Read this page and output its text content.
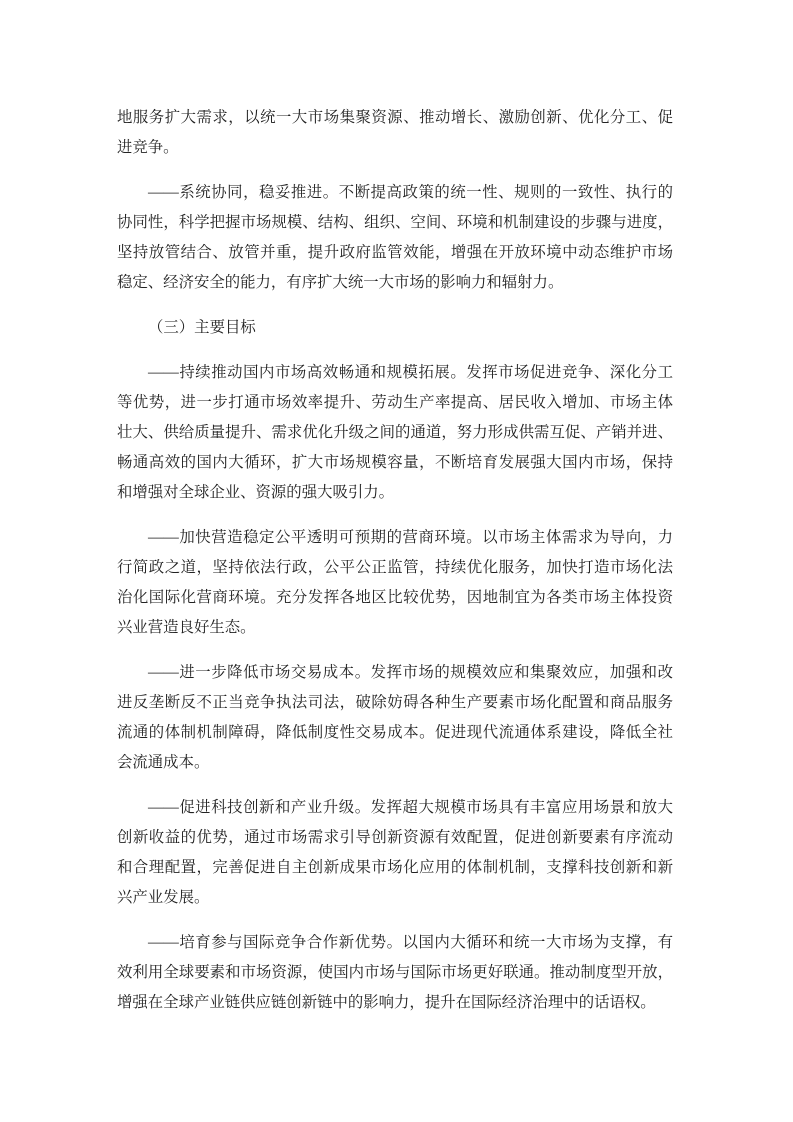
地服务扩大需求，以统一大市场集聚资源、推动增长、激励创新、优化分工、促
进竞争。
——系统协同，稳妥推进。不断提高政策的统一性、规则的一致性、执行的
协同性，科学把握市场规模、结构、组织、空间、环境和机制建设的步骤与进度，
坚持放管结合、放管并重，提升政府监管效能，增强在开放环境中动态维护市场
稳定、经济安全的能力，有序扩大统一大市场的影响力和辐射力。
（三）主要目标
——持续推动国内市场高效畅通和规模拓展。发挥市场促进竞争、深化分工
等优势，进一步打通市场效率提升、劳动生产率提高、居民收入增加、市场主体
壮大、供给质量提升、需求优化升级之间的通道，努力形成供需互促、产销并进、
畅通高效的国内大循环，扩大市场规模容量，不断培育发展强大国内市场，保持
和增强对全球企业、资源的强大吸引力。
——加快营造稳定公平透明可预期的营商环境。以市场主体需求为导向，力
行简政之道，坚持依法行政，公平公正监管，持续优化服务，加快打造市场化法
治化国际化营商环境。充分发挥各地区比较优势，因地制宜为各类市场主体投资
兴业营造良好生态。
——进一步降低市场交易成本。发挥市场的规模效应和集聚效应，加强和改
进反垄断反不正当竞争执法司法，破除妨碍各种生产要素市场化配置和商品服务
流通的体制机制障碍，降低制度性交易成本。促进现代流通体系建设，降低全社
会流通成本。
——促进科技创新和产业升级。发挥超大规模市场具有丰富应用场景和放大
创新收益的优势，通过市场需求引导创新资源有效配置，促进创新要素有序流动
和合理配置，完善促进自主创新成果市场化应用的体制机制，支撑科技创新和新
兴产业发展。
——培育参与国际竞争合作新优势。以国内大循环和统一大市场为支撑，有
效利用全球要素和市场资源，使国内市场与国际市场更好联通。推动制度型开放，
增强在全球产业链供应链创新链中的影响力，提升在国际经济治理中的话语权。
